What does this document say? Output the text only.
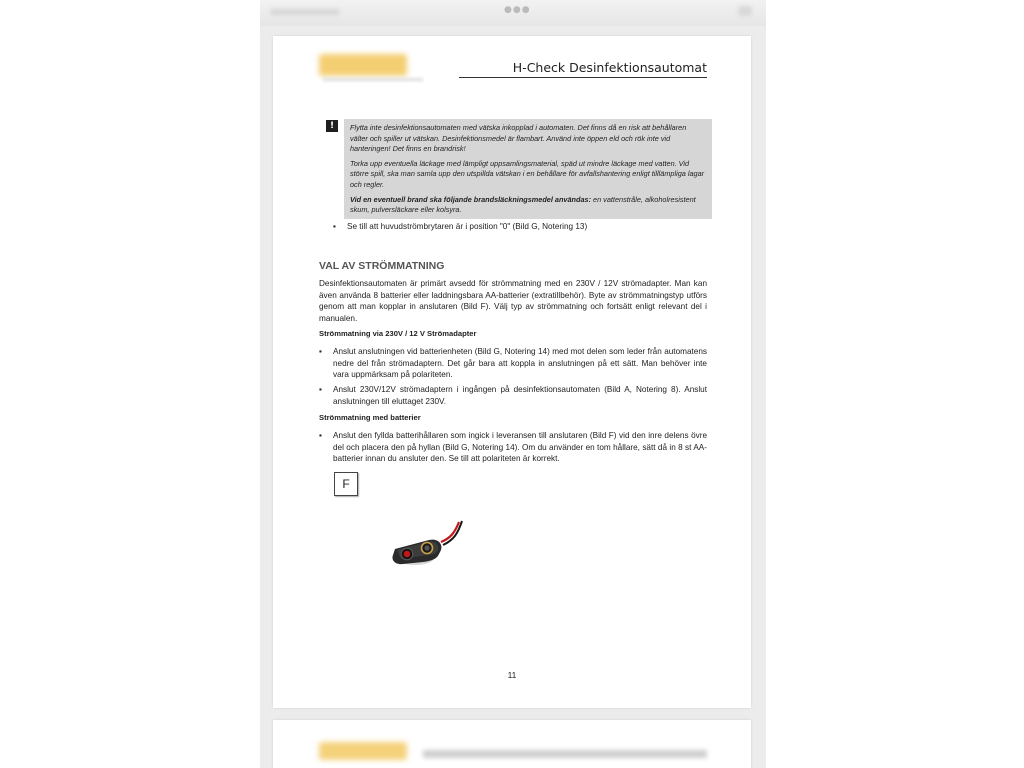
●●●
H-Check Desinfektionsautomat
!	Flytta inte desinfektionsautomaten med vätska inkopplad i automaten. Det finns då en risk att behållaren välter och spiller ut vätskan. Desinfektionsmedel är flambart. Använd inte öppen eld och rök inte vid hanteringen! Det finns en brandrisk!

Torka upp eventuella läckage med lämpligt uppsamlingsmaterial, späd ut mindre läckage med vatten. Vid större spill, ska man samla upp den utspillda vätskan i en behållare för avfallshantering enligt tilllämpliga lagar och regler.

Vid en eventuell brand ska följande brandsläckningsmedel användas: en vattenstråle, alkoholresistent skum, pulversläckare eller kolsyra.

▪ Se till att huvudströmbrytaren är i position "0" (Bild G, Notering 13)
VAL AV STRÖMMATNING
Desinfektionsautomaten är primärt avsedd för strömmatning med en 230V / 12V strömadapter. Man kan även använda 8 batterier eller laddningsbara AA-batterier (extratillbehör). Byte av strömmatningstyp utförs genom att man kopplar in anslutaren (Bild F). Välj typ av strömmatning och fortsätt enligt relevant del i manualen.
Strömmatning via 230V / 12 V Strömadapter
▪ Anslut anslutningen vid batterienheten (Bild G, Notering 14) med mot delen som leder från automatens nedre del från strömadaptern. Det går bara att koppla in anslutningen på ett sätt. Man behöver inte vara uppmärksam på polariteten.
▪ Anslut 230V/12V strömadaptern i ingången på desinfektionsautomaten (Bild A, Notering 8). Anslut anslutningen till eluttaget 230V.
Strömmatning med batterier
▪ Anslut den fyllda batterihållaren som ingick i leveransen till anslutaren (Bild F) vid den inre delens övre del och placera den på hyllan (Bild G, Notering 14). Om du använder en tom hållare, sätt då in 8 st AA-batterier innan du ansluter den. Se till att polariteten är korrekt.
F
11
